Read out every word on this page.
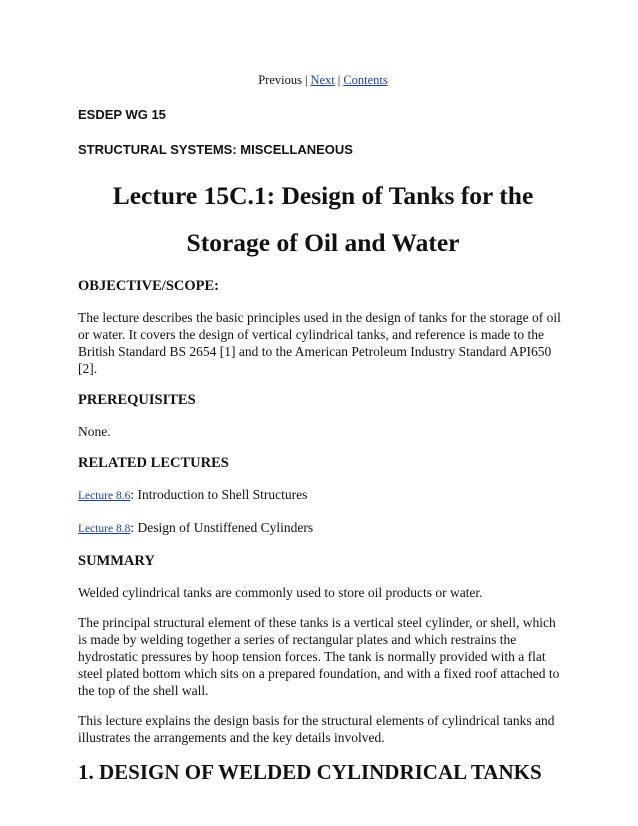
Previous | Next | Contents

ESDEP WG 15

STRUCTURAL SYSTEMS: MISCELLANEOUS

Lecture 15C.1: Design of Tanks for the
Storage of Oil and Water
OBJECTIVE/SCOPE:

The lecture describes the basic principles used in the design of tanks for the storage of oil or water. It covers the design of vertical cylindrical tanks, and reference is made to the British Standard BS 2654 [1] and to the American Petroleum Industry Standard API650 [2].

PREREQUISITES

None.

RELATED LECTURES

Lecture 8.6: Introduction to Shell Structures

Lecture 8.8: Design of Unstiffened Cylinders

SUMMARY

Welded cylindrical tanks are commonly used to store oil products or water.

The principal structural element of these tanks is a vertical steel cylinder, or shell, which is made by welding together a series of rectangular plates and which restrains the hydrostatic pressures by hoop tension forces. The tank is normally provided with a flat steel plated bottom which sits on a prepared foundation, and with a fixed roof attached to the top of the shell wall.

This lecture explains the design basis for the structural elements of cylindrical tanks and illustrates the arrangements and the key details involved.

1. DESIGN OF WELDED CYLINDRICAL TANKS
